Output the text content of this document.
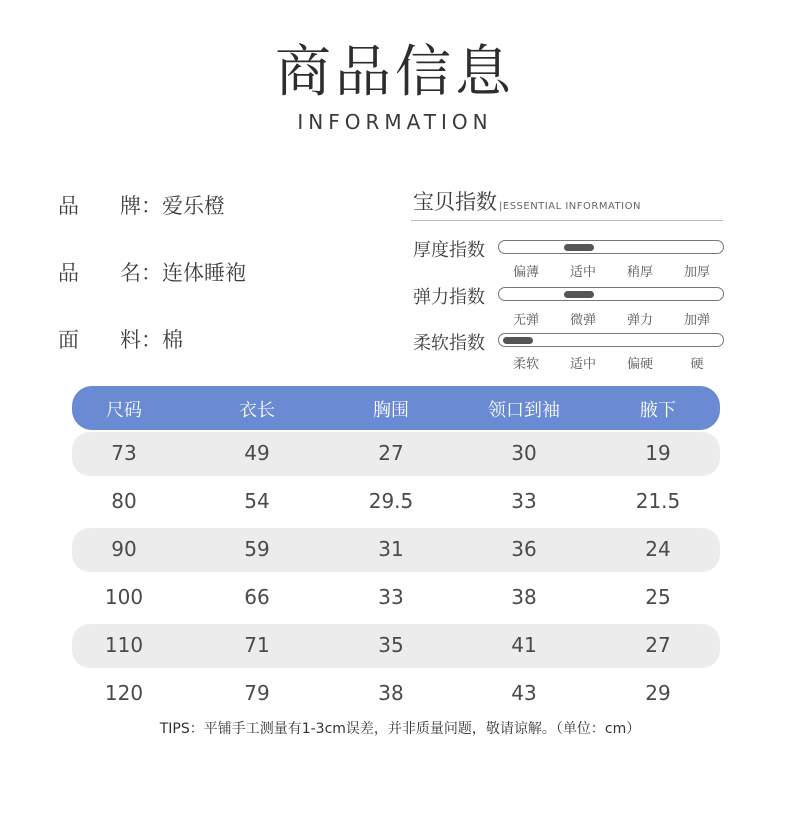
商品信息
INFORMATION
品 牌：爱乐橙
品 名：连体睡袍
面 料：棉
宝贝指数 |ESSENTIAL INFORMATION
厚度指数
偏薄	适中	稍厚	加厚
弹力指数
无弹	微弹	弹力	加弹
柔软指数
柔软	适中	偏硬	硬
尺码	衣长	胸围	领口到袖	腋下
73	49	27	30	19
80	54	29.5	33	21.5
90	59	31	36	24
100	66	33	38	25
110	71	35	41	27
120	79	38	43	29
TIPS：平铺手工测量有1-3cm误差，并非质量问题，敬请谅解。（单位：cm）
